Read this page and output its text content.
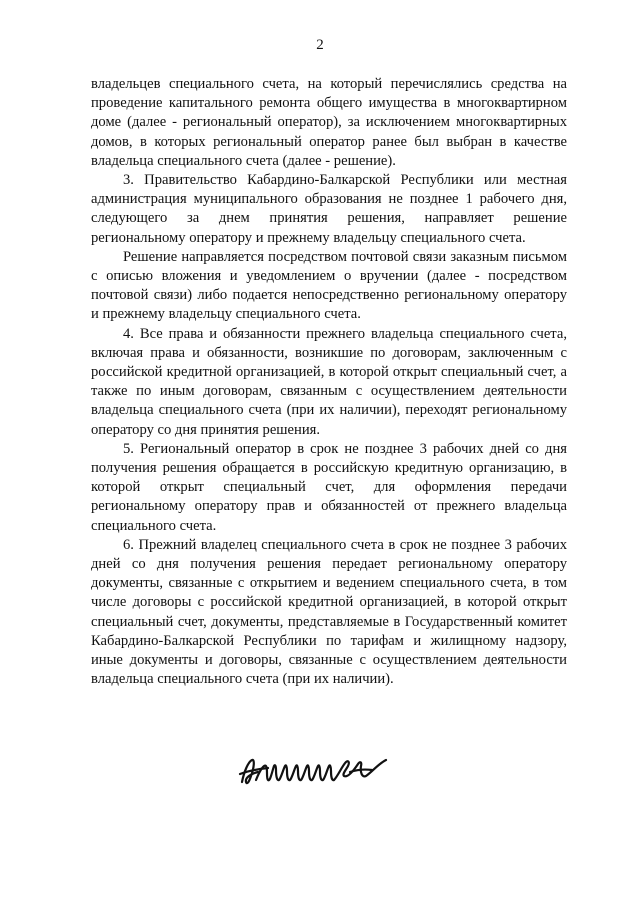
2

владельцев специального счета, на который перечислялись средства на проведение капитального ремонта общего имущества в многоквартирном доме (далее - региональный оператор), за исключением многоквартирных домов, в которых региональный оператор ранее был выбран в качестве владельца специального счета (далее - решение).

3. Правительство Кабардино-Балкарской Республики или местная администрация муниципального образования не позднее 1 рабочего дня, следующего за днем принятия решения, направляет решение региональному оператору и прежнему владельцу специального счета.

Решение направляется посредством почтовой связи заказным письмом с описью вложения и уведомлением о вручении (далее - посредством почтовой связи) либо подается непосредственно региональному оператору и прежнему владельцу специального счета.

4. Все права и обязанности прежнего владельца специального счета, включая права и обязанности, возникшие по договорам, заключенным с российской кредитной организацией, в которой открыт специальный счет, а также по иным договорам, связанным с осуществлением деятельности владельца специального счета (при их наличии), переходят региональному оператору со дня принятия решения.

5. Региональный оператор в срок не позднее 3 рабочих дней со дня получения решения обращается в российскую кредитную организацию, в которой открыт специальный счет, для оформления передачи региональному оператору прав и обязанностей от прежнего владельца специального счета.

6. Прежний владелец специального счета в срок не позднее 3 рабочих дней со дня получения решения передает региональному оператору документы, связанные с открытием и ведением специального счета, в том числе договоры с российской кредитной организацией, в которой открыт специальный счет, документы, представляемые в Государственный комитет Кабардино-Балкарской Республики по тарифам и жилищному надзору, иные документы и договоры, связанные с осуществлением деятельности владельца специального счета (при их наличии).
